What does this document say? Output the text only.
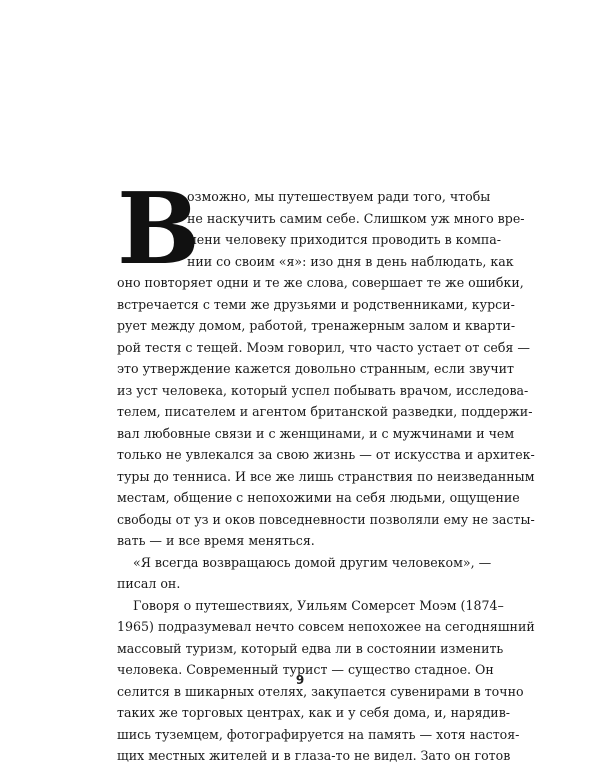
В
озможно, мы путешествуем ради того, чтобы
не наскучить самим себе. Слишком уж много вре-
мени человеку приходится проводить в компа-
нии со своим «я»: изо дня в день наблюдать, как
оно повторяет одни и те же слова, совершает те же ошибки,
встречается с теми же друзьями и родственниками, курси-
рует между домом, работой, тренажерным залом и кварти-
рой тестя с тещей. Моэм говорил, что часто устает от себя —
это утверждение кажется довольно странным, если звучит
из уст человека, который успел побывать врачом, исследова-
телем, писателем и агентом британской разведки, поддержи-
вал любовные связи и с женщинами, и с мужчинами и чем
только не увлекался за свою жизнь — от искусства и архитек-
туры до тенниса. И все же лишь странствия по неизведанным
местам, общение с непохожими на себя людьми, ощущение
свободы от уз и оков повседневности позволяли ему не засты-
вать — и все время меняться.
«Я всегда возвращаюсь домой другим человеком», —
писал он.
Говоря о путешествиях, Уильям Сомерсет Моэм (1874–
1965) подразумевал нечто совсем непохожее на сегодняшний
массовый туризм, который едва ли в состоянии изменить
человека. Современный турист — существо стадное. Он
селится в шикарных отелях, закупается сувенирами в точно
таких же торговых центрах, как и у себя дома, и, нарядив-
шись туземцем, фотографируется на память — хотя настоя-
щих местных жителей и в глаза-то не видел. Зато он готов
9
